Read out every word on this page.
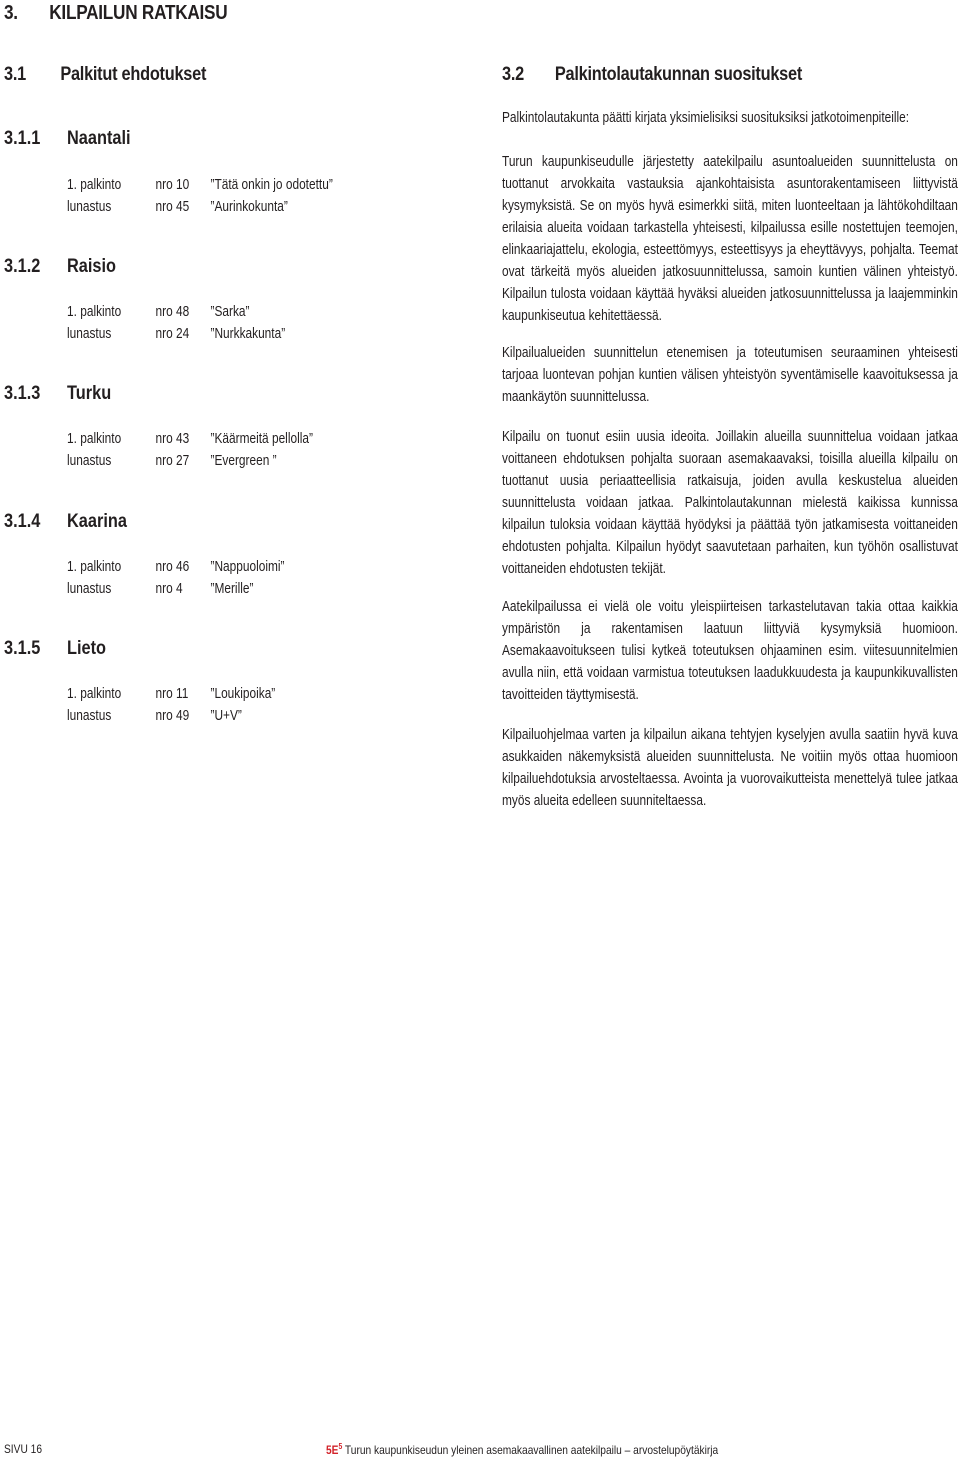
3. KILPAILUN RATKAISU
3.1 Palkitut ehdotukset
3.1.1 Naantali
1. palkinto nro 10 ”Tätä onkin jo odotettu”
lunastus	nro 45 ”Aurinkokunta”
3.1.2 Raisio
1. palkinto nro 48 ”Sarka”
lunastus	nro 24 ”Nurkkakunta”
3.1.3 Turku
1. palkinto nro 43 ”Käärmeitä pellolla”
lunastus	nro 27 ”Evergreen ”
3.1.4 Kaarina
1. palkinto nro 46 ”Nappuoloimi”
lunastus	nro 4 ”Merille”
3.1.5 Lieto
1. palkinto nro 11 ”Loukipoika”
lunastus	nro 49 ”U+V”
3.2 Palkintolautakunnan suositukset

Palkintolautakunta päätti kirjata yksimielisiksi suosituksiksi jatkotoimenpiteille:

Turun kaupunkiseudulle järjestetty aatekilpailu asuntoalueiden suunnittelusta on tuottanut arvokkaita vastauksia ajankohtaisista asuntorakentamiseen liittyvistä kysymyksistä. Se on myös hyvä esimerkki siitä, miten luonteeltaan ja lähtökohdiltaan erilaisia alueita voidaan tarkastella yhteisesti, kilpailussa esille nostettujen teemojen, elinkaariajattelu, ekologia, esteettömyys, esteettisyys ja eheyttävyys, pohjalta. Teemat ovat tärkeitä myös alueiden jatkosuunnittelussa, samoin kuntien välinen yhteistyö. Kilpailun tulosta voidaan käyttää hyväksi alueiden jatkosuunnittelussa ja laajemminkin kaupunkiseutua kehitettäessä.

Kilpailualueiden suunnittelun etenemisen ja toteutumisen seuraaminen yhteisesti tarjoaa luontevan pohjan kuntien välisen yhteistyön syventämiselle kaavoituksessa ja maankäytön suunnittelussa.

Kilpailu on tuonut esiin uusia ideoita. Joillakin alueilla suunnittelua voidaan jatkaa voittaneen ehdotuksen pohjalta suoraan asemakaavaksi, toisilla alueilla kilpailu on tuottanut uusia periaatteellisia ratkaisuja, joiden avulla keskustelua alueiden suunnittelusta voidaan jatkaa. Palkintolautakunnan mielestä kaikissa kunnissa kilpailun tuloksia voidaan käyttää hyödyksi ja päättää työn jatkamisesta voittaneiden ehdotusten pohjalta. Kilpailun hyödyt saavutetaan parhaiten, kun työhön osallistuvat voittaneiden ehdotusten tekijät.

Aatekilpailussa ei vielä ole voitu yleispiirteisen tarkastelutavan takia ottaa kaikkia ympäristön ja rakentamisen laatuun liittyviä kysymyksiä huomioon. Asemakaavoitukseen tulisi kytkeä toteutuksen ohjaaminen esim. viitesuunnitelmien avulla niin, että voidaan varmistua toteutuksen laadukkuudesta ja kaupunkikuvallisten tavoitteiden täyttymisestä.

Kilpailuohjelmaa varten ja kilpailun aikana tehtyjen kyselyjen avulla saatiin hyvä kuva asukkaiden näkemyksistä alueiden suunnittelusta. Ne voitiin myös ottaa huomioon kilpailuehdotuksia arvosteltaessa. Avointa ja vuorovaikutteista menettelyä tulee jatkaa myös alueita edelleen suunniteltaessa.

SIVU 16	$5E^5$ Turun kaupunkiseudun yleinen asemakaavallinen aatekilpailu – arvostelupöytäkirja
